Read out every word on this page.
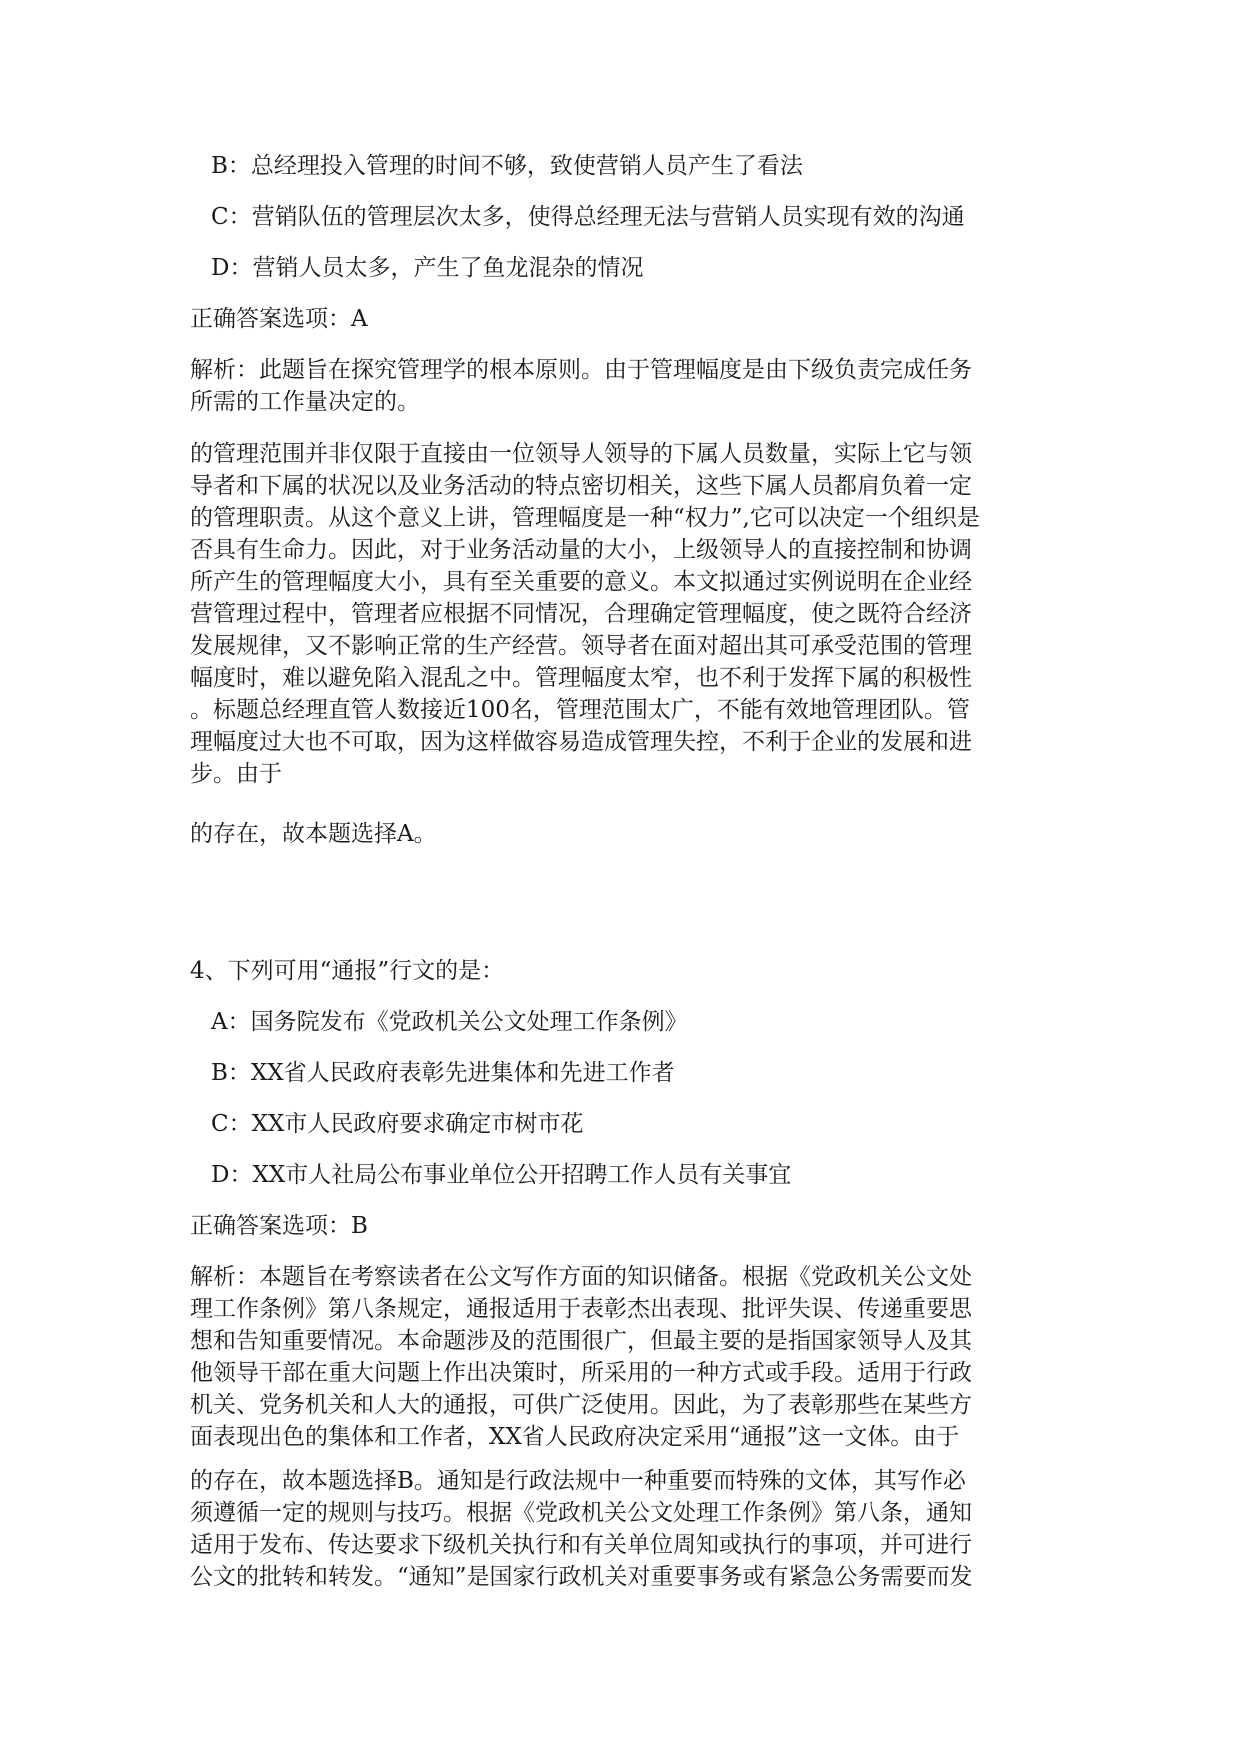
B：总经理投入管理的时间不够，致使营销人员产生了看法
C：营销队伍的管理层次太多，使得总经理无法与营销人员实现有效的沟通
D：营销人员太多，产生了鱼龙混杂的情况
正确答案选项：A
解析：此题旨在探究管理学的根本原则。由于管理幅度是由下级负责完成任务
所需的工作量决定的。
的管理范围并非仅限于直接由一位领导人领导的下属人员数量，实际上它与领
导者和下属的状况以及业务活动的特点密切相关，这些下属人员都肩负着一定
的管理职责。从这个意义上讲，管理幅度是一种“权力”,它可以决定一个组织是
否具有生命力。因此，对于业务活动量的大小，上级领导人的直接控制和协调
所产生的管理幅度大小，具有至关重要的意义。本文拟通过实例说明在企业经
营管理过程中，管理者应根据不同情况，合理确定管理幅度，使之既符合经济
发展规律，又不影响正常的生产经营。领导者在面对超出其可承受范围的管理
幅度时，难以避免陷入混乱之中。管理幅度太窄，也不利于发挥下属的积极性
。标题总经理直管人数接近100名，管理范围太广，不能有效地管理团队。管
理幅度过大也不可取，因为这样做容易造成管理失控，不利于企业的发展和进
步。由于
的存在，故本题选择A。
4、下列可用“通报”行文的是：
A：国务院发布《党政机关公文处理工作条例》
B：XX省人民政府表彰先进集体和先进工作者
C：XX市人民政府要求确定市树市花
D：XX市人社局公布事业单位公开招聘工作人员有关事宜
正确答案选项：B
解析：本题旨在考察读者在公文写作方面的知识储备。根据《党政机关公文处
理工作条例》第八条规定，通报适用于表彰杰出表现、批评失误、传递重要思
想和告知重要情况。本命题涉及的范围很广，但最主要的是指国家领导人及其
他领导干部在重大问题上作出决策时，所采用的一种方式或手段。适用于行政
机关、党务机关和人大的通报，可供广泛使用。因此，为了表彰那些在某些方
面表现出色的集体和工作者，XX省人民政府决定采用“通报”这一文体。由于
的存在，故本题选择B。通知是行政法规中一种重要而特殊的文体，其写作必
须遵循一定的规则与技巧。根据《党政机关公文处理工作条例》第八条，通知
适用于发布、传达要求下级机关执行和有关单位周知或执行的事项，并可进行
公文的批转和转发。“通知”是国家行政机关对重要事务或有紧急公务需要而发
